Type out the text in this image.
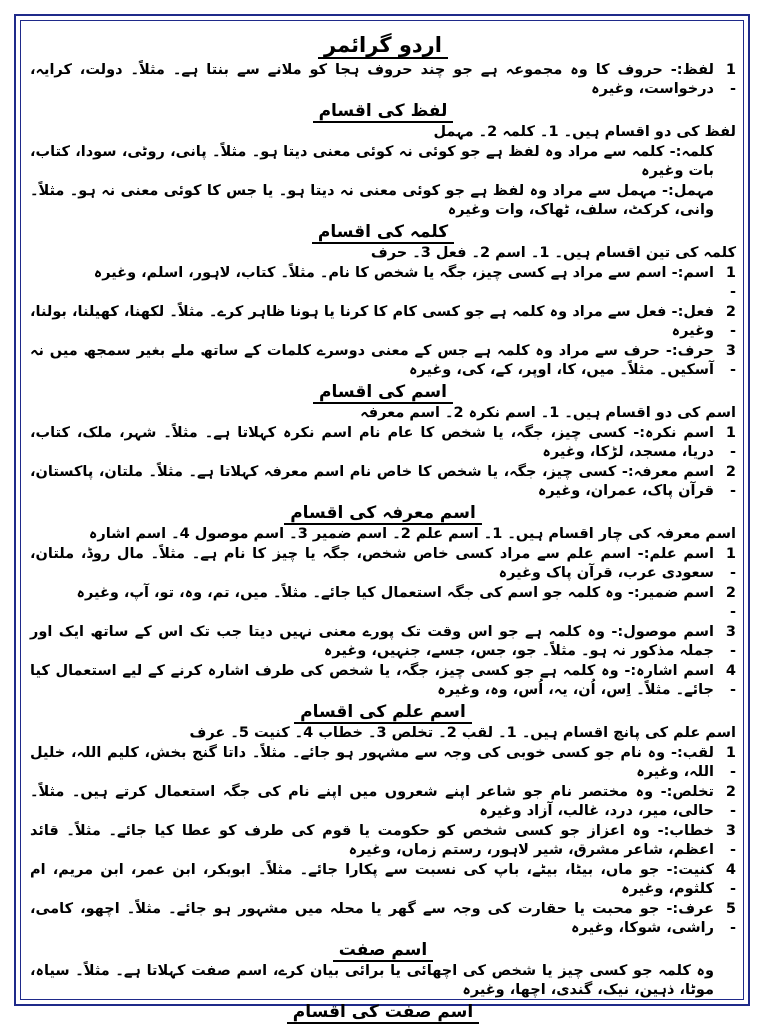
اردو گرائمر
1 -
لفظ:- حروف کا وہ مجموعہ ہے جو چند حروف ہجا کو ملانے سے بنتا ہے۔ مثلاً۔ دولت، کرایہ، درخواست، وغیرہ
لفظ کی اقسام
لفظ کی دو اقسام ہیں۔ 1۔ کلمہ 2۔ مہمل
کلمہ:- کلمہ سے مراد وہ لفظ ہے جو کوئی نہ کوئی معنی دیتا ہو۔ مثلاً۔ پانی، روٹی، سودا، کتاب، بات وغیرہ
مہمل:- مہمل سے مراد وہ لفظ ہے جو کوئی معنی نہ دیتا ہو۔ یا جس کا کوئی معنی نہ ہو۔ مثلاً۔ وانی، کرکٹ، سلف، ٹھاک، وات وغیرہ
کلمہ کی اقسام
کلمہ کی تین اقسام ہیں۔ 1۔ اسم 2۔ فعل 3۔ حرف
1 -
اسم:- اسم سے مراد ہے کسی چیز، جگہ یا شخص کا نام۔ مثلاً۔ کتاب، لاہور، اسلم، وغیرہ
2 -
فعل:- فعل سے مراد وہ کلمہ ہے جو کسی کام کا کرنا یا ہونا ظاہر کرے۔ مثلاً۔ لکھنا، کھیلنا، بولنا، وغیرہ
3 -
حرف:- حرف سے مراد وہ کلمہ ہے جس کے معنی دوسرے کلمات کے ساتھ ملے بغیر سمجھ میں نہ آسکیں۔ مثلاً۔ میں، کا، اوپر، کے، کی، وغیرہ
اسم کی اقسام
اسم کی دو اقسام ہیں۔ 1۔ اسم نکرہ 2۔ اسم معرفہ
1 -
اسم نکرہ:- کسی چیز، جگہ، یا شخص کا عام نام اسم نکرہ کہلاتا ہے۔ مثلاً۔ شہر، ملک، کتاب، دریا، مسجد، لڑکا، وغیرہ
2 -
اسم معرفہ:- کسی چیز، جگہ، یا شخص کا خاص نام اسم معرفہ کہلاتا ہے۔ مثلاً۔ ملتان، پاکستان، قرآن پاک، عمران، وغیرہ
اسم معرفہ کی اقسام
اسم معرفہ کی چار اقسام ہیں۔ 1۔ اسم علم 2۔ اسم ضمیر 3۔ اسم موصول 4۔ اسم اشارہ
1 -
اسم علم:- اسم علم سے مراد کسی خاص شخص، جگہ یا چیز کا نام ہے۔ مثلاً۔ مال روڈ، ملتان، سعودی عرب، قرآن پاک وغیرہ
2 -
اسم ضمیر:- وہ کلمہ جو اسم کی جگہ استعمال کیا جائے۔ مثلاً۔ میں، تم، وہ، تو، آپ، وغیرہ
3 -
اسم موصول:- وہ کلمہ ہے جو اس وقت تک پورے معنی نہیں دیتا جب تک اس کے ساتھ ایک اور جملہ مذکور نہ ہو۔ مثلاً۔ جو، جس، جسے، جنہیں، وغیرہ
4 -
اسم اشارہ:- وہ کلمہ ہے جو کسی چیز، جگہ، یا شخص کی طرف اشارہ کرنے کے لیے استعمال کیا جائے۔ مثلاً۔ اِس، اُن، یہ، اُس، وہ، وغیرہ
اسم علم کی اقسام
اسم علم کی پانچ اقسام ہیں۔ 1۔ لقب 2۔ تخلص 3۔ خطاب 4۔ کنیت 5۔ عرف
1 -
لقب:- وہ نام جو کسی خوبی کی وجہ سے مشہور ہو جائے۔ مثلاً۔ داتا گنج بخش، کلیم اللہ، خلیل اللہ، وغیرہ
2 -
تخلص:- وہ مختصر نام جو شاعر اپنے شعروں میں اپنے نام کی جگہ استعمال کرتے ہیں۔ مثلاً۔ حالی، میر، درد، غالب، آزاد وغیرہ
3 -
خطاب:- وہ اعزاز جو کسی شخص کو حکومت یا قوم کی طرف کو عطا کیا جائے۔ مثلاً۔ قائد اعظم، شاعر مشرق، شیر لاہور، رستم زماں، وغیرہ
4 -
کنیت:- جو ماں، بیٹا، بیٹے، باپ کی نسبت سے پکارا جائے۔ مثلاً۔ ابوبکر، ابن عمر، ابن مریم، ام کلثوم، وغیرہ
5 -
عرف:- جو محبت یا حقارت کی وجہ سے گھر یا محلہ میں مشہور ہو جائے۔ مثلاً۔ اچھو، کامی، راشی، شوکا، وغیرہ
اسم صفت
وہ کلمہ جو کسی چیز یا شخص کی اچھائی یا برائی بیان کرے، اسم صفت کہلاتا ہے۔ مثلاً۔ سیاہ، موٹا، ذہین، نیک، گندی، اچھا، وغیرہ
اسم صفت کی اقسام
